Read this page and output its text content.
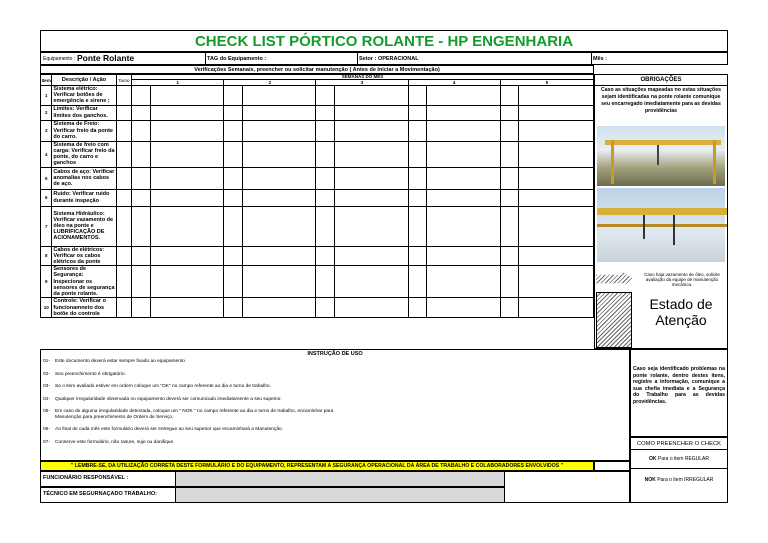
CHECK LIST PÓRTICO ROLANTE - HP ENGENHARIA
Equipamento : Ponte Rolante	TAG do Equipamento :	Setor : OPERACIONAL	Mês :
Verificações Semanais, preencher ou solicitar manutenção ( Antes de Iniciar a Movimentação)
Item	Descrição / Ação	Turno	SEMANAS DO MÊS									
			1		2		3		4		5	
1	Sistema elétrico: Verificar botões de emergência e sirene ;											
2	Limites: Verificar limites dos ganchos.											
3	Sistema de Freio: Verificar freio da ponte do carro.											
4	Sistema de freio com carga: Verificar freio da ponte, do carro e ganchos											
5	Cabos de aço: Verificar anomalias nos cabos de aço.											
6	Ruido: Verificar ruido durante inspeção											
7	Sistema Hidráulico: Verificar vazamento de óleo na ponte e LUBRIFICAÇÃO DE ACIONAMENTOS.											
8	Cabos de elétricos: Verificar os cabos elétricos da ponte											
9	Sensores de Segurança: Inspecionar os sensores de segurança da ponte rolante.											
10	Controle: Verificar o funcionamneto dos botõe do controle											
OBRIGAÇÕES
Caso as situações mapeadas no estas situações sejam identificadas na ponte rolante comunique seu encarregado imediatamente para as devidas providências
Caso haja vazamento de óleo, solicite avaliação da equipe de manutenção mecânica.
Estado de Atenção
Caso seja identificado problemas na ponte rolante, dentro destes itens, registre a informação, comunique a sua chefia imediata e a Segurança do Trabalho para as devidas providências.
COMO PREENCHER O CHECK
OK Para o item REGULAR
NOK Para o item IRREGULAR
INSTRUÇÃO DE USO
01-	Este documento deverá estar sempre fixado ao equipamento
02-	Seu preenchimento é obrigatório.
03-	Se o item avaliado estiver em ordem coloque um "OK" no campo referente ao dia e turno de trabalho.
04-	Qualquer irregularidade observada no equipamento deverá ser comunicado imediatamente a seu superior.
05-	Em caso de alguma irregularidade detectada, coloque um " NOK " no campo referente ao dia e turno de trabalho, encaminhar para Manutenção para preenchimento de Ordem de Serviço.
06-	Ao final de cada mês este formulário deverá ser entregue ao seu superior que encaminhará a Manutenção.
07-	Conserve este formulário, não rasure, suje ou danifique.
" LEMBRE-SE, DA UTILIZAÇÃO CORRETA DESTE FORMULÁRIO E DO EQUIPAMENTO, REPRESENTAM A SEGURANÇA OPERACIONAL DA ÁREA DE TRABALHO E COLABORADORES ENVOLVIDOS "
FUNCIONÁRIO RESPONSÁVEL :
TÉCNICO EM SEGURNAÇADO TRABALHO:
